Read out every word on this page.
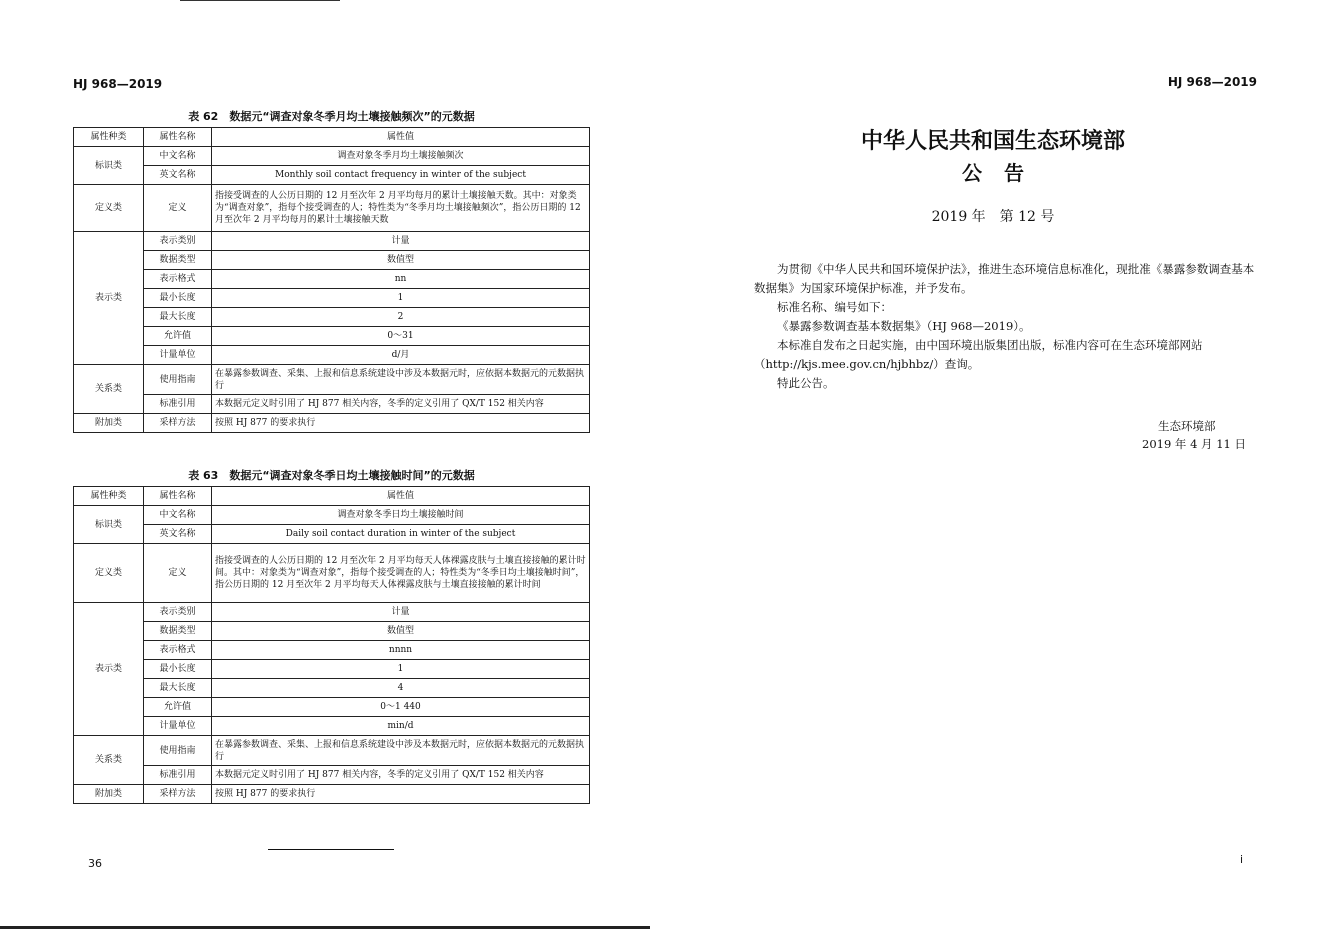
HJ 968—2019
表 62　数据元“调查对象冬季月均土壤接触频次”的元数据
属性种类	属性名称	属性值
标识类	中文名称	调查对象冬季月均土壤接触频次
	英文名称	Monthly soil contact frequency in winter of the subject
定义类	定义	指接受调查的人公历日期的 12 月至次年 2 月平均每月的累计土壤接触天数。其中：对象类为“调查对象”，指每个接受调查的人；特性类为“冬季月均土壤接触频次”，指公历日期的 12 月至次年 2 月平均每月的累计土壤接触天数
表示类	表示类别	计量
	数据类型	数值型
	表示格式	nn
	最小长度	1
	最大长度	2
	允许值	0～31
	计量单位	d/月
关系类	使用指南	在暴露参数调查、采集、上报和信息系统建设中涉及本数据元时，应依据本数据元的元数据执行
	标准引用	本数据元定义时引用了 HJ 877 相关内容，冬季的定义引用了 QX/T 152 相关内容
附加类	采样方法	按照 HJ 877 的要求执行
表 63　数据元“调查对象冬季日均土壤接触时间”的元数据
属性种类	属性名称	属性值
标识类	中文名称	调查对象冬季日均土壤接触时间
	英文名称	Daily soil contact duration in winter of the subject
定义类	定义	指接受调查的人公历日期的 12 月至次年 2 月平均每天人体裸露皮肤与土壤直接接触的累计时间。其中：对象类为“调查对象”，指每个接受调查的人；特性类为“冬季日均土壤接触时间”，指公历日期的 12 月至次年 2 月平均每天人体裸露皮肤与土壤直接接触的累计时间
表示类	表示类别	计量
	数据类型	数值型
	表示格式	nnnn
	最小长度	1
	最大长度	4
	允许值	0～1 440
	计量单位	min/d
关系类	使用指南	在暴露参数调查、采集、上报和信息系统建设中涉及本数据元时，应依据本数据元的元数据执行
	标准引用	本数据元定义时引用了 HJ 877 相关内容，冬季的定义引用了 QX/T 152 相关内容
附加类	采样方法	按照 HJ 877 的要求执行
36
HJ 968—2019
中华人民共和国生态环境部
公告
2019 年　第 12 号

为贯彻《中华人民共和国环境保护法》，推进生态环境信息标准化，现批准《暴露参数调查基本数据集》为国家环境保护标准，并予发布。

标准名称、编号如下：

《暴露参数调查基本数据集》（HJ 968—2019）。

本标准自发布之日起实施，由中国环境出版集团出版，标准内容可在生态环境部网站（http://kjs.mee.gov.cn/hjbhbz/）查询。

特此公告。

生态环境部
2019 年 4 月 11 日
i
